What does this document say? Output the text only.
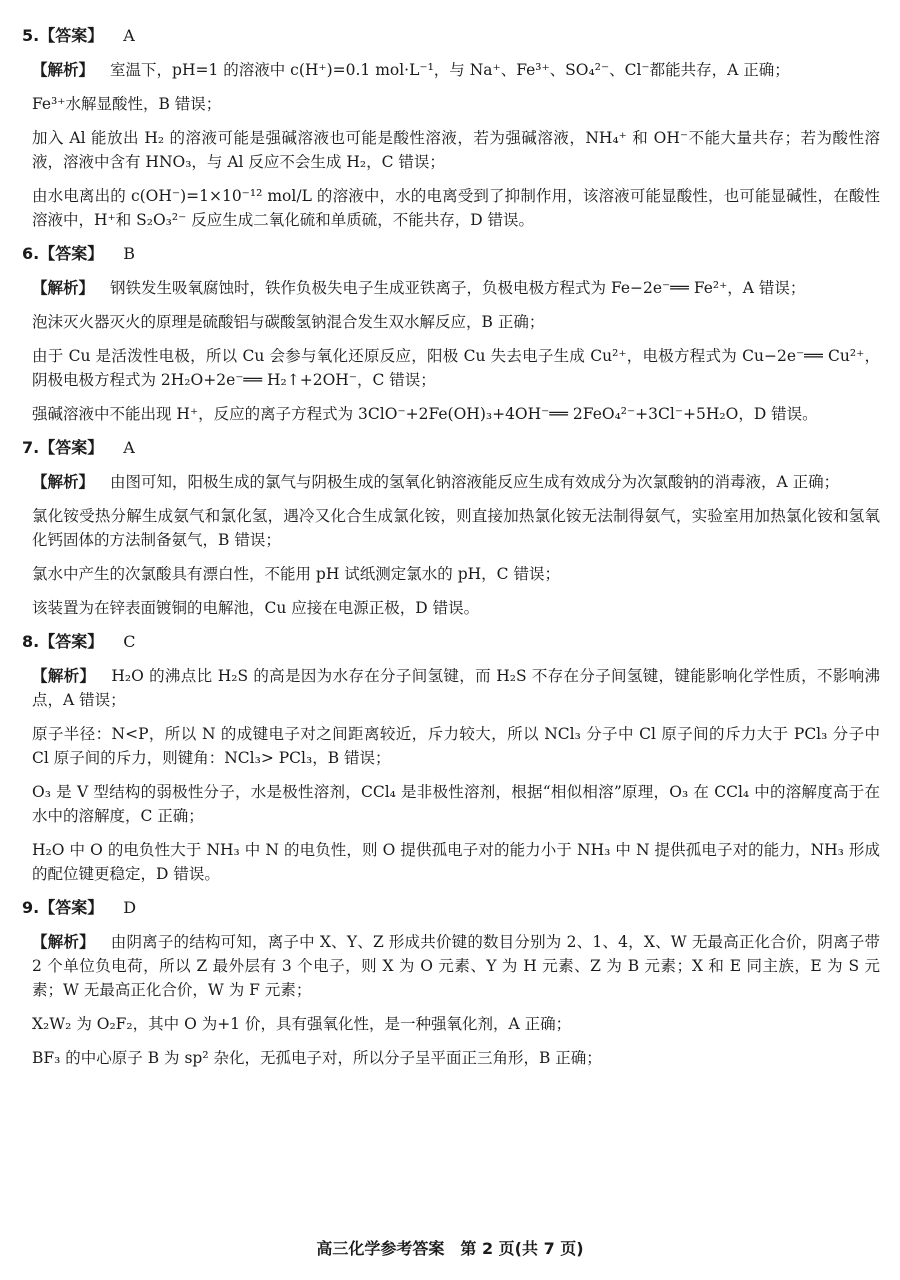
5.【答案】 A

【解析】 室温下，pH=1 的溶液中 c(H⁺)=0.1 mol·L⁻¹，与 Na⁺、Fe³⁺、SO₄²⁻、Cl⁻都能共存，A 正确；

Fe³⁺水解显酸性，B 错误；

加入 Al 能放出 H₂ 的溶液可能是强碱溶液也可能是酸性溶液，若为强碱溶液，NH₄⁺ 和 OH⁻不能大量共存；若为酸性溶液，溶液中含有 HNO₃，与 Al 反应不会生成 H₂，C 错误；

由水电离出的 c(OH⁻)=1×10⁻¹² mol/L 的溶液中，水的电离受到了抑制作用，该溶液可能显酸性，也可能显碱性，在酸性溶液中，H⁺和 S₂O₃²⁻ 反应生成二氧化硫和单质硫，不能共存，D 错误。

6.【答案】 B

【解析】 钢铁发生吸氧腐蚀时，铁作负极失电子生成亚铁离子，负极电极方程式为 Fe−2e⁻══ Fe²⁺，A 错误；

泡沫灭火器灭火的原理是硫酸铝与碳酸氢钠混合发生双水解反应，B 正确；

由于 Cu 是活泼性电极，所以 Cu 会参与氧化还原反应，阳极 Cu 失去电子生成 Cu²⁺，电极方程式为 Cu−2e⁻══ Cu²⁺，阴极电极方程式为 2H₂O+2e⁻══ H₂↑+2OH⁻，C 错误；

强碱溶液中不能出现 H⁺，反应的离子方程式为 3ClO⁻+2Fe(OH)₃+4OH⁻══ 2FeO₄²⁻+3Cl⁻+5H₂O，D 错误。

7.【答案】 A

【解析】 由图可知，阳极生成的氯气与阴极生成的氢氧化钠溶液能反应生成有效成分为次氯酸钠的消毒液，A 正确；

氯化铵受热分解生成氨气和氯化氢，遇冷又化合生成氯化铵，则直接加热氯化铵无法制得氨气，实验室用加热氯化铵和氢氧化钙固体的方法制备氨气，B 错误；

氯水中产生的次氯酸具有漂白性，不能用 pH 试纸测定氯水的 pH，C 错误；

该装置为在锌表面镀铜的电解池，Cu 应接在电源正极，D 错误。

8.【答案】 C

【解析】 H₂O 的沸点比 H₂S 的高是因为水存在分子间氢键，而 H₂S 不存在分子间氢键，键能影响化学性质，不影响沸点，A 错误；

原子半径：N<P，所以 N 的成键电子对之间距离较近，斥力较大，所以 NCl₃ 分子中 Cl 原子间的斥力大于 PCl₃ 分子中 Cl 原子间的斥力，则键角：NCl₃> PCl₃，B 错误；

O₃ 是 V 型结构的弱极性分子，水是极性溶剂，CCl₄ 是非极性溶剂，根据“相似相溶”原理，O₃ 在 CCl₄ 中的溶解度高于在水中的溶解度，C 正确；

H₂O 中 O 的电负性大于 NH₃ 中 N 的电负性，则 O 提供孤电子对的能力小于 NH₃ 中 N 提供孤电子对的能力，NH₃ 形成的配位键更稳定，D 错误。

9.【答案】 D

【解析】 由阴离子的结构可知，离子中 X、Y、Z 形成共价键的数目分别为 2、1、4，X、W 无最高正化合价，阴离子带 2 个单位负电荷，所以 Z 最外层有 3 个电子，则 X 为 O 元素、Y 为 H 元素、Z 为 B 元素；X 和 E 同主族，E 为 S 元素；W 无最高正化合价，W 为 F 元素；

X₂W₂ 为 O₂F₂，其中 O 为+1 价，具有强氧化性，是一种强氧化剂，A 正确；

BF₃ 的中心原子 B 为 sp² 杂化，无孤电子对，所以分子呈平面正三角形，B 正确；

高三化学参考答案　第 2 页(共 7 页)
